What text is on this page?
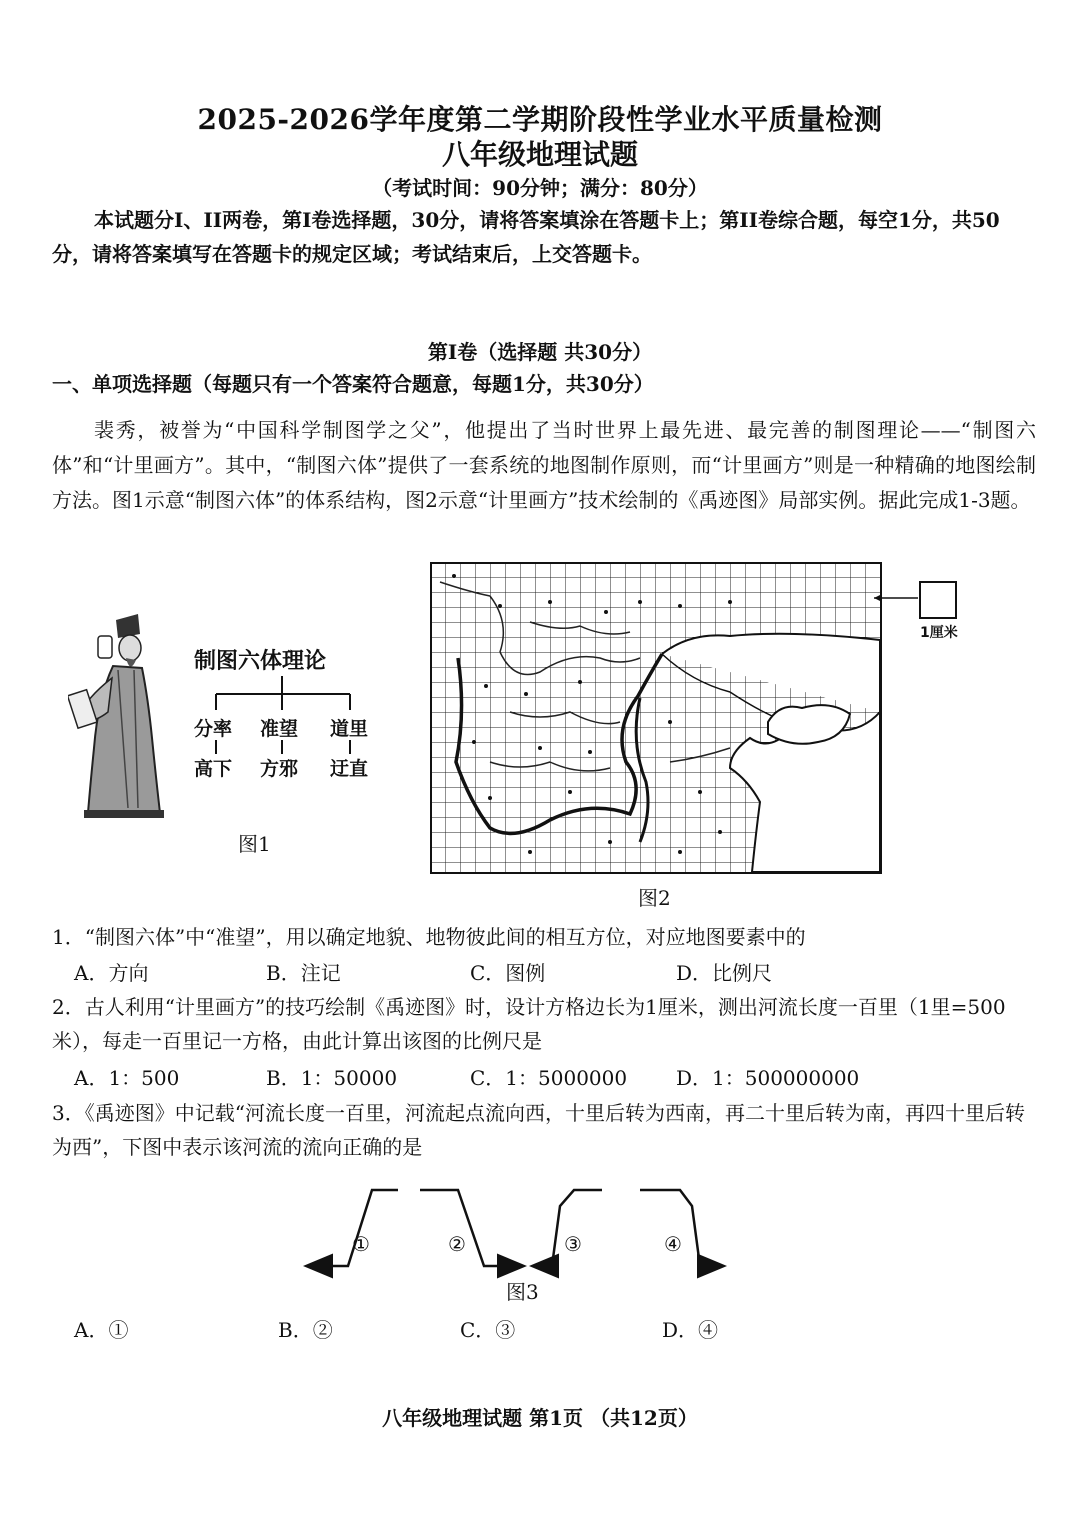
2025-2026学年度第二学期阶段性学业水平质量检测
八年级地理试题
（考试时间：90分钟；满分：80分）
本试题分I、II两卷，第I卷选择题，30分，请将答案填涂在答题卡上；第II卷综合题，每空1分，共50分，请将答案填写在答题卡的规定区域；考试结束后，上交答题卡。
第I卷（选择题 共30分）
一、单项选择题（每题只有一个答案符合题意，每题1分，共30分）
裴秀，被誉为“中国科学制图学之父”，他提出了当时世界上最先进、最完善的制图理论——“制图六体”和“计里画方”。其中，“制图六体”提供了一套系统的地图制作原则，而“计里画方”则是一种精确的地图绘制方法。图1示意“制图六体”的体系结构，图2示意“计里画方”技术绘制的《禹迹图》局部实例。据此完成1-3题。
制图六体理论
分率 准望 道里
高下 方邪 迂直
图1
1厘米
图2
1．“制图六体”中“准望”，用以确定地貌、地物彼此间的相互方位，对应地图要素中的
A．方向	B．注记	C．图例	D．比例尺
2．古人利用“计里画方”的技巧绘制《禹迹图》时，设计方格边长为1厘米，测出河流长度一百里（1里=500米），每走一百里记一方格，由此计算出该图的比例尺是
A．1：500	B．1：50000	C．1：5000000 D．1：500000000
3．《禹迹图》中记载“河流长度一百里，河流起点流向西，十里后转为西南，再二十里后转为南，再四十里后转为西”，下图中表示该河流的流向正确的是
①	②	③	④
图3
A．①	B．②	C．③	D．④
八年级地理试题 第1页 （共12页）
